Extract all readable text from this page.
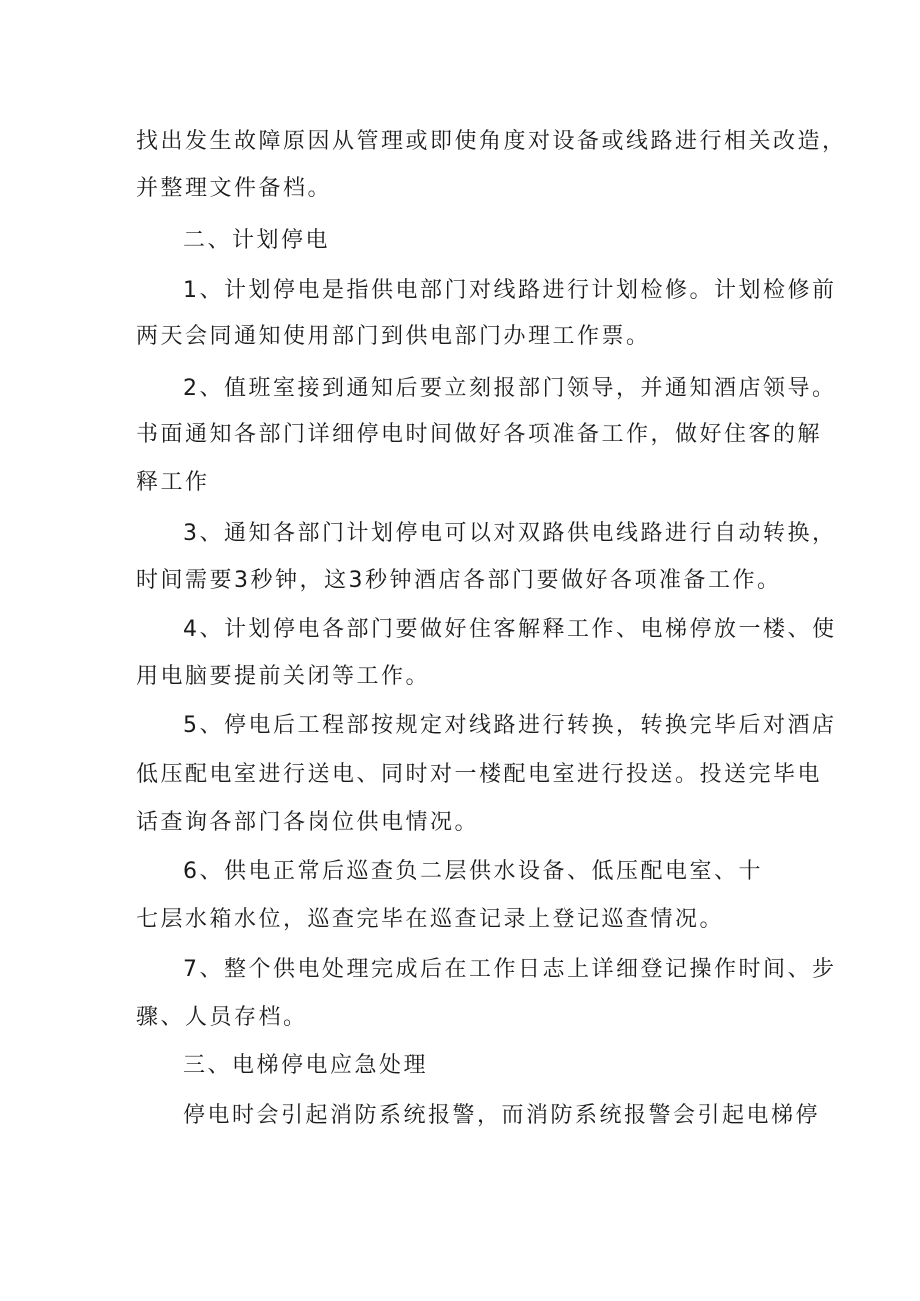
找出发生故障原因从管理或即使角度对设备或线路进行相关改造，
并整理文件备档。
二、计划停电
1、计划停电是指供电部门对线路进行计划检修。计划检修前
两天会同通知使用部门到供电部门办理工作票。
2、值班室接到通知后要立刻报部门领导，并通知酒店领导。
书面通知各部门详细停电时间做好各项准备工作，做好住客的解
释工作
3、通知各部门计划停电可以对双路供电线路进行自动转换，
时间需要3秒钟，这3秒钟酒店各部门要做好各项准备工作。
4、计划停电各部门要做好住客解释工作、电梯停放一楼、使
用电脑要提前关闭等工作。
5、停电后工程部按规定对线路进行转换，转换完毕后对酒店
低压配电室进行送电、同时对一楼配电室进行投送。投送完毕电
话查询各部门各岗位供电情况。
6、供电正常后巡查负二层供水设备、低压配电室、十
七层水箱水位，巡查完毕在巡查记录上登记巡查情况。
7、整个供电处理完成后在工作日志上详细登记操作时间、步
骤、人员存档。
三、电梯停电应急处理
停电时会引起消防系统报警，而消防系统报警会引起电梯停
